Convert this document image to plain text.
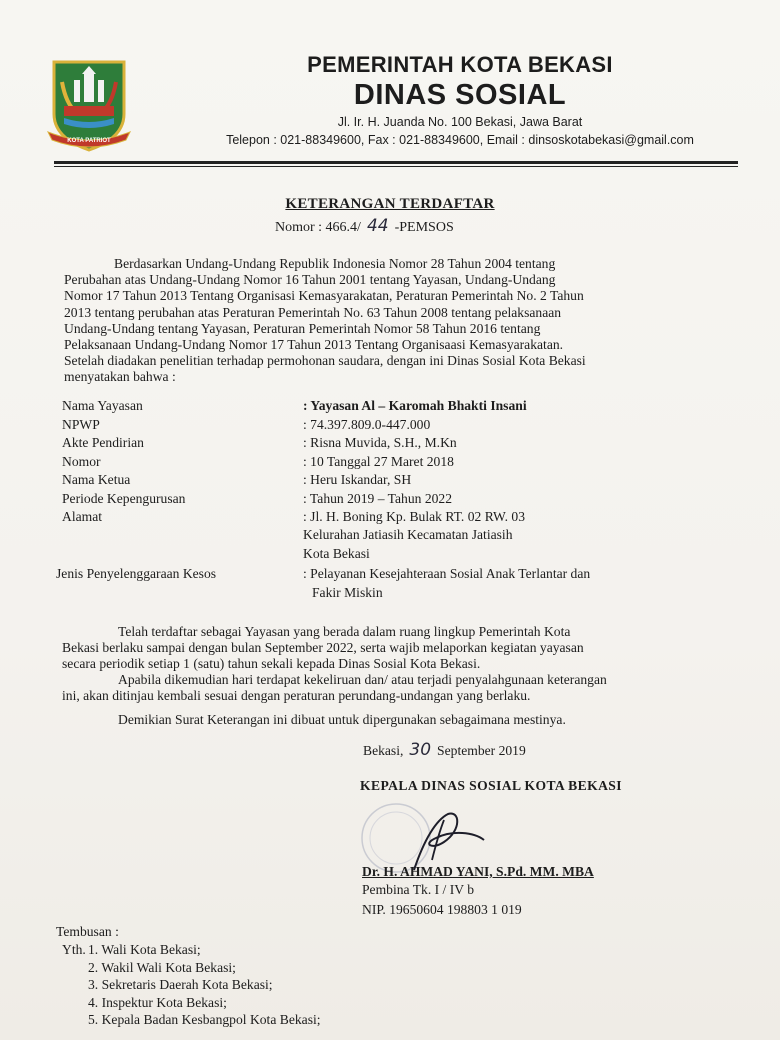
KOTA PATRIOT
PEMERINTAH KOTA BEKASI
DINAS SOSIAL
Jl. Ir. H. Juanda No. 100 Bekasi, Jawa Barat
Telepon : 021-88349600, Fax : 021-88349600, Email : dinsoskotabekasi@gmail.com
KETERANGAN TERDAFTAR
Nomor : 466.4/ 44 -PEMSOS
Berdasarkan Undang-Undang Republik Indonesia Nomor 28 Tahun 2004 tentang
Perubahan atas Undang-Undang Nomor 16 Tahun 2001 tentang Yayasan, Undang-Undang
Nomor 17 Tahun 2013 Tentang Organisasi Kemasyarakatan, Peraturan Pemerintah No. 2 Tahun
2013 tentang perubahan atas Peraturan Pemerintah No. 63 Tahun 2008 tentang pelaksanaan
Undang-Undang tentang Yayasan, Peraturan Pemerintah Nomor 58 Tahun 2016 tentang
Pelaksanaan Undang-Undang Nomor 17 Tahun 2013 Tentang Organisaasi Kemasyarakatan.
Setelah diadakan penelitian terhadap permohonan saudara, dengan ini Dinas Sosial Kota Bekasi
menyatakan bahwa :
Nama Yayasan	: Yayasan Al – Karomah Bhakti Insani
NPWP	: 74.397.809.0-447.000
Akte Pendirian	: Risna Muvida, S.H., M.Kn
Nomor	: 10 Tanggal 27 Maret 2018
Nama Ketua	: Heru Iskandar, SH
Periode Kepengurusan	: Tahun 2019 – Tahun 2022
Alamat	: Jl. H. Boning Kp. Bulak RT. 02 RW. 03
Kelurahan Jatiasih Kecamatan Jatiasih
Kota Bekasi
Jenis Penyelenggaraan Kesos	: Pelayanan Kesejahteraan Sosial Anak Terlantar dan
Fakir Miskin
Telah terdaftar sebagai Yayasan yang berada dalam ruang lingkup Pemerintah Kota
Bekasi berlaku sampai dengan bulan September 2022, serta wajib melaporkan kegiatan yayasan
secara periodik setiap 1 (satu) tahun sekali kepada Dinas Sosial Kota Bekasi.
Apabila dikemudian hari terdapat kekeliruan dan/ atau terjadi penyalahgunaan keterangan
ini, akan ditinjau kembali sesuai dengan peraturan perundang-undangan yang berlaku.
Demikian Surat Keterangan ini dibuat untuk dipergunakan sebagaimana mestinya.
Bekasi, 30 September 2019
KEPALA DINAS SOSIAL KOTA BEKASI
Dr. H. AHMAD YANI, S.Pd. MM. MBA
Pembina Tk. I / IV b
NIP. 19650604 198803 1 019
Tembusan :
Yth. 1. Wali Kota Bekasi;
2. Wakil Wali Kota Bekasi;
3. Sekretaris Daerah Kota Bekasi;
4. Inspektur Kota Bekasi;
5. Kepala Badan Kesbangpol Kota Bekasi;
